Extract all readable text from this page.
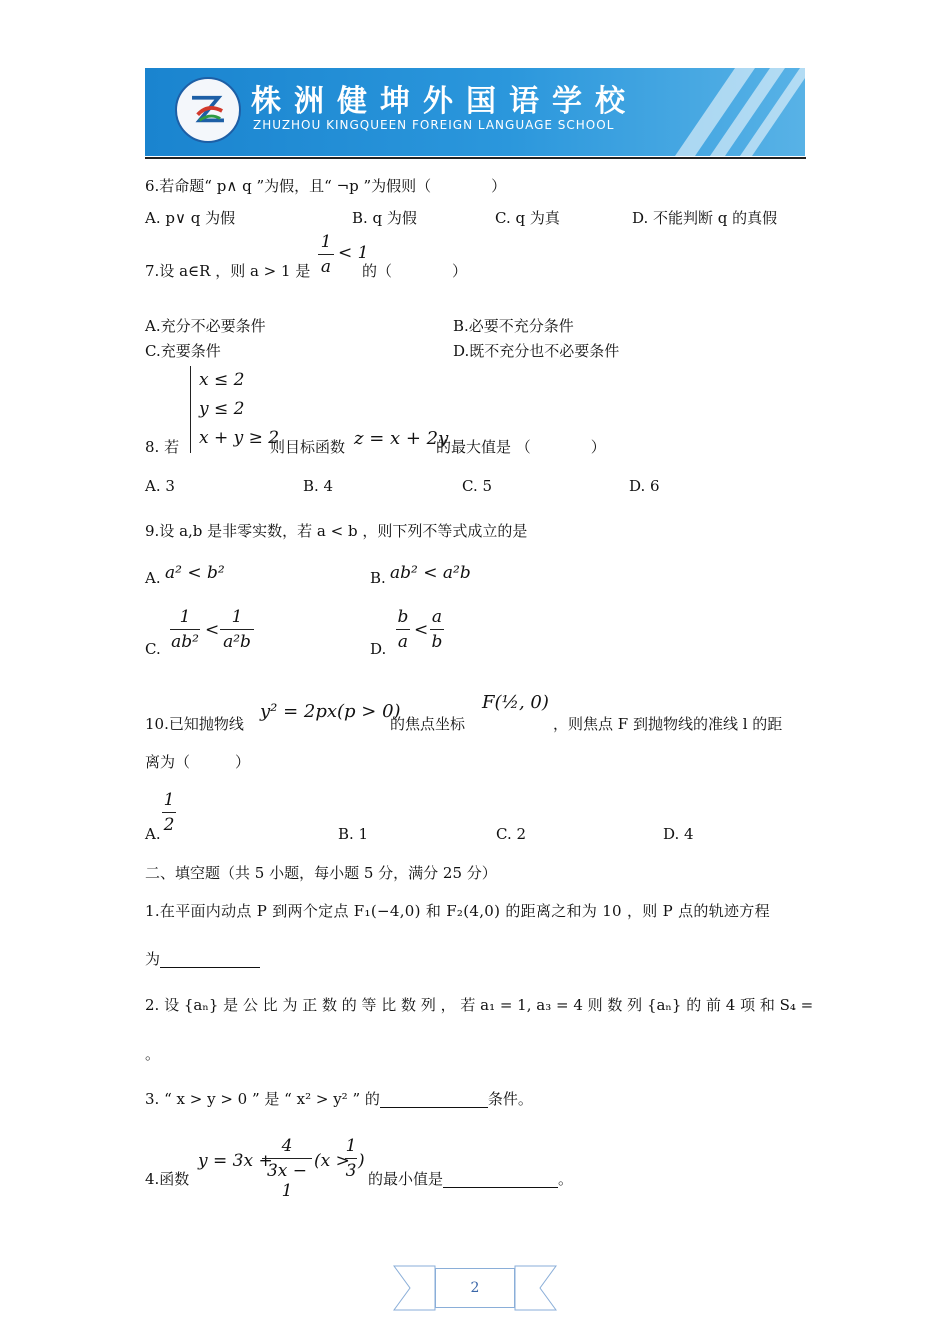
株洲健坤外国语学校
ZHUZHOU KINGQUEEN FOREIGN LANGUAGE SCHOOL
6.若命题“ p∧ q ”为假，且“ ¬p ”为假则（　　　　）
A. p∨ q 为假	B. q 为假	C. q 为真	D. 不能判断 q 的真假
7.设 a∈R ，则 a > 1 是
1
a
< 1
的（　　　　）
A.充分不必要条件	B.必要不充分条件
C.充要条件	D.既不充分也不必要条件
x ≤ 2
y ≤ 2
x + y ≥ 2
8. 若	则目标函数 z = x + 2y
的最大值是 （　　　　）
A. 3	B. 4	C. 5	D. 6
9.设 a,b 是非零实数，若 a < b ，则下列不等式成立的是
A. a² < b²	B. ab² < a²b
C.
1
ab²
<
1
a²b	D.
b
a
<
a
b
10.已知抛物线
y² = 2px(p > 0)
的焦点坐标
F(½, 0)
，则焦点 F 到抛物线的准线 l 的距
离为（　　　）
A.
1
2	B. 1	C. 2	D. 4
二、填空题（共 5 小题，每小题 5 分，满分 25 分）
1.在平面内动点 P 到两个定点 F₁(−4,0) 和 F₂(4,0) 的距离之和为 10 ，则 P 点的轨迹方程
为
2. 设 {aₙ} 是 公 比 为 正 数 的 等 比 数 列 ， 若 a₁ = 1, a₃ = 4 则 数 列 {aₙ} 的 前 4 项 和 S₄ =
。
3. “ x > y > 0 ” 是 “ x² > y² ” 的	条件。
4.函数
y = 3x +
4
3x − 1
(x >
1
3 )
的最小值是	。
2
